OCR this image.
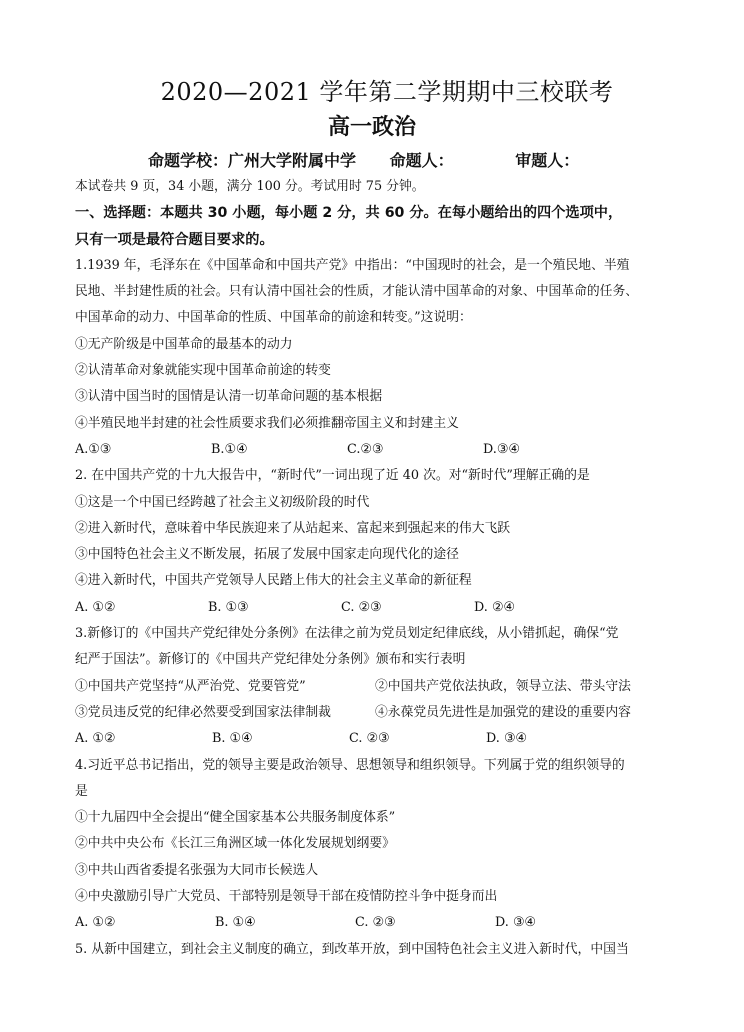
2020—2021 学年第二学期期中三校联考
高一政治
命题学校：广州大学附属中学 命题人：	审题人：
本试卷共 9 页，34 小题，满分 100 分。考试用时 75 分钟。
一、选择题：本题共 30 小题，每小题 2 分，共 60 分。在每小题给出的四个选项中，
只有一项是最符合题目要求的。
1.1939 年，毛泽东在《中国革命和中国共产党》中指出：“中国现时的社会，是一个殖民地、半殖
民地、半封建性质的社会。只有认清中国社会的性质，才能认清中国革命的对象、中国革命的任务、
中国革命的动力、中国革命的性质、中国革命的前途和转变。”这说明：
①无产阶级是中国革命的最基本的动力
②认清革命对象就能实现中国革命前途的转变
③认清中国当时的国情是认清一切革命问题的基本根据
④半殖民地半封建的社会性质要求我们必须推翻帝国主义和封建主义
A.①③	B.①④	C.②③	D.③④
2. 在中国共产党的十九大报告中，“新时代”一词出现了近 40 次。对“新时代”理解正确的是
①这是一个中国已经跨越了社会主义初级阶段的时代
②进入新时代，意味着中华民族迎来了从站起来、富起来到强起来的伟大飞跃
③中国特色社会主义不断发展，拓展了发展中国家走向现代化的途径
④进入新时代，中国共产党领导人民踏上伟大的社会主义革命的新征程
A. ①②	B. ①③	C. ②③	D. ②④
3.新修订的《中国共产党纪律处分条例》在法律之前为党员划定纪律底线，从小错抓起，确保“党
纪严于国法”。新修订的《中国共产党纪律处分条例》颁布和实行表明
①中国共产党坚持“从严治党、党要管党”	②中国共产党依法执政，领导立法、带头守法
③党员违反党的纪律必然要受到国家法律制裁	④永葆党员先进性是加强党的建设的重要内容
A. ①②	B. ①④	C. ②③	D. ③④
4.习近平总书记指出，党的领导主要是政治领导、思想领导和组织领导。下列属于党的组织领导的
是
①十九届四中全会提出“健全国家基本公共服务制度体系”
②中共中央公布《长江三角洲区域一体化发展规划纲要》
③中共山西省委提名张强为大同市长候选人
④中央激励引导广大党员、干部特别是领导干部在疫情防控斗争中挺身而出
A. ①②	B. ①④	C. ②③	D. ③④
5. 从新中国建立，到社会主义制度的确立，到改革开放，到中国特色社会主义进入新时代，中国当
